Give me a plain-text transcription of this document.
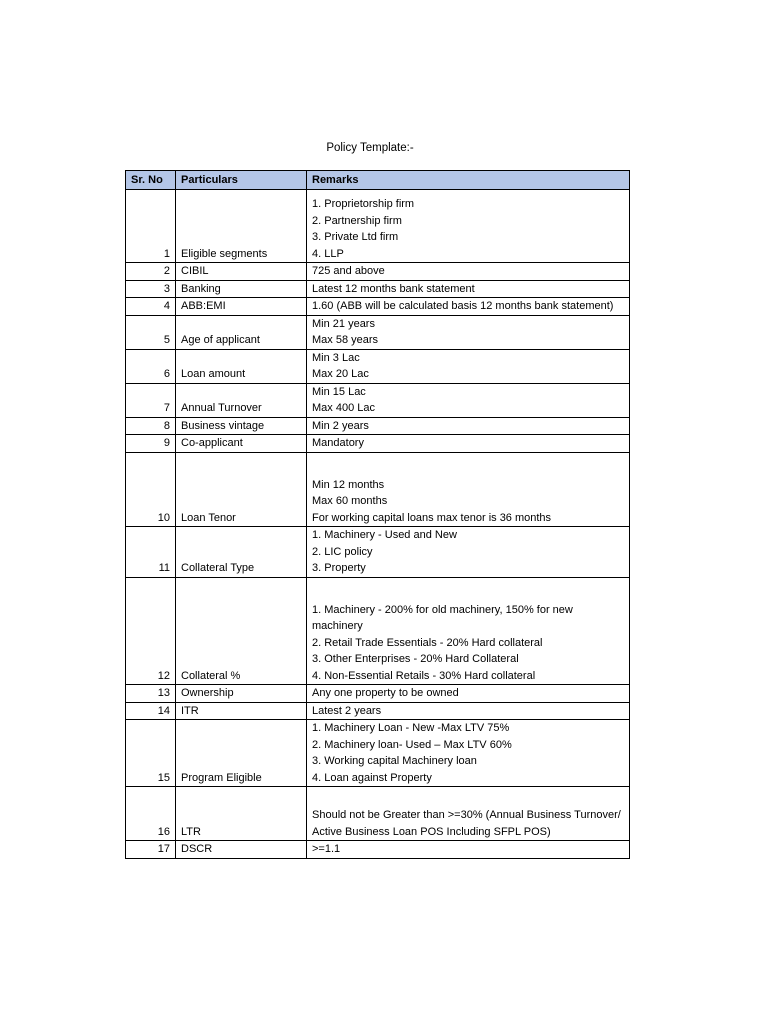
Policy Template:-
Sr. No	Particulars	Remarks
1	Eligible segments	1. Proprietorship firm
2. Partnership firm
3. Private Ltd firm
4. LLP

2	CIBIL	725 and above

3	Banking	Latest 12 months bank statement

4	ABB:EMI	1.60 (ABB will be calculated basis 12 months bank statement)

5	Age of applicant	Min 21 years
Max 58 years

6	Loan amount	Min 3 Lac
Max 20 Lac

7	Annual Turnover	Min 15 Lac
Max 400 Lac

8	Business vintage	Min 2 years

9	Co-applicant	Mandatory

10	Loan Tenor	Min 12 months
Max 60 months
For working capital loans max tenor is 36 months

11	Collateral Type	1. Machinery - Used and New
2. LIC policy
3. Property

12	Collateral %	1. Machinery - 200% for old machinery, 150% for new machinery
2. Retail Trade Essentials - 20% Hard collateral
3. Other Enterprises - 20% Hard Collateral
4. Non-Essential Retails - 30% Hard collateral

13	Ownership	Any one property to be owned

14	ITR	Latest 2 years

15	Program Eligible	1. Machinery Loan - New -Max LTV 75%
2. Machinery loan- Used – Max LTV 60%
3. Working capital Machinery loan
4. Loan against Property

16	LTR	Should not be Greater than >=30% (Annual Business Turnover/ Active Business Loan POS Including SFPL POS)

17	DSCR	>=1.1
